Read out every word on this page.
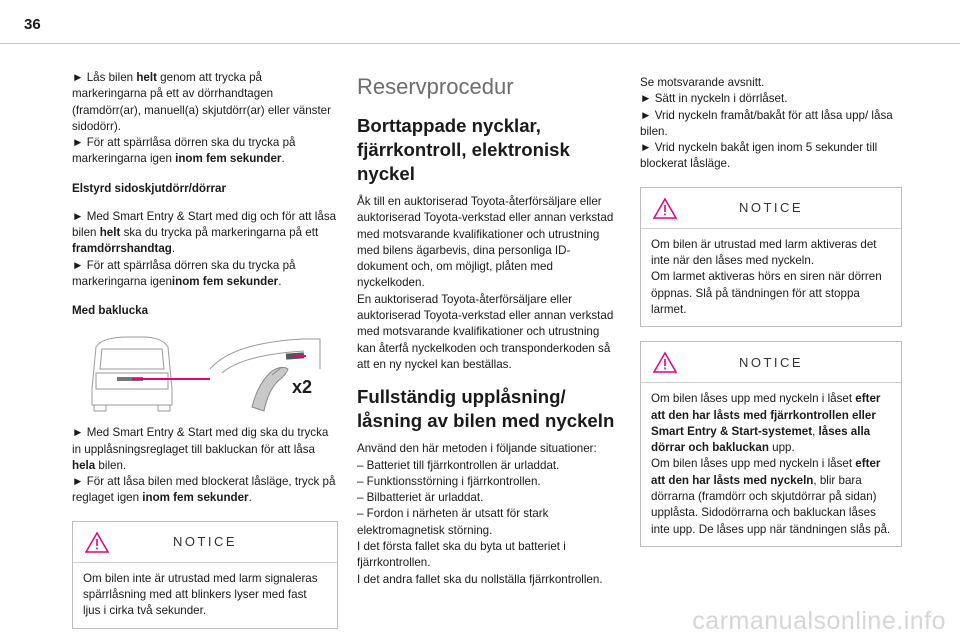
36

► Lås bilen helt genom att trycka på markeringarna på ett av dörrhandtagen (framdörr(ar), manuell(a) skjutdörr(ar) eller vänster sidodörr).

► För att spärrlåsa dörren ska du trycka på markeringarna igen inom fem sekunder.

Elstyrd sidoskjutdörr/dörrar

► Med Smart Entry & Start med dig och för att låsa bilen helt ska du trycka på markeringarna på ett framdörrshandtag.

► För att spärrlåsa dörren ska du trycka på markeringarna igeninom fem sekunder.

Med baklucka
x2

► Med Smart Entry & Start med dig ska du trycka in upplåsningsreglaget till bakluckan för att låsa hela bilen.

► För att låsa bilen med blockerat låsläge, tryck på reglaget igen inom fem sekunder.

NOTICE

Om bilen inte är utrustad med larm signaleras spärrlåsning med att blinkers lyser med fast ljus i cirka två sekunder.

Reservprocedur
Borttappade nycklar, fjärrkontroll, elektronisk nyckel

Åk till en auktoriserad Toyota-återförsäljare eller auktoriserad Toyota-verkstad eller annan verkstad med motsvarande kvalifikationer och utrustning med bilens ägarbevis, dina personliga ID-dokument och, om möjligt, plåten med nyckelkoden.

En auktoriserad Toyota-återförsäljare eller auktoriserad Toyota-verkstad eller annan verkstad med motsvarande kvalifikationer och utrustning kan återfå nyckelkoden och transponderkoden så att en ny nyckel kan beställas.

Fullständig upplåsning/ låsning av bilen med nyckeln

Använd den här metoden i följande situationer:

– Batteriet till fjärrkontrollen är urladdat.

– Funktionsstörning i fjärrkontrollen.

– Bilbatteriet är urladdat.

– Fordon i närheten är utsatt för stark elektromagnetisk störning.

I det första fallet ska du byta ut batteriet i fjärrkontrollen.

I det andra fallet ska du nollställa fjärrkontrollen.

Se motsvarande avsnitt.

► Sätt in nyckeln i dörrlåset.

► Vrid nyckeln framåt/bakåt för att låsa upp/ låsa bilen.

► Vrid nyckeln bakåt igen inom 5 sekunder till blockerat låsläge.

NOTICE

Om bilen är utrustad med larm aktiveras det inte när den låses med nyckeln.

Om larmet aktiveras hörs en siren när dörren öppnas. Slå på tändningen för att stoppa larmet.

NOTICE

Om bilen låses upp med nyckeln i låset efter att den har låsts med fjärrkontrollen eller Smart Entry & Start-systemet, låses alla dörrar och bakluckan upp.

Om bilen låses upp med nyckeln i låset efter att den har låsts med nyckeln, blir bara dörrarna (framdörr och skjutdörrar på sidan) upplåsta. Sidodörrarna och bakluckan låses inte upp. De låses upp när tändningen slås på.

carmanualsonline.info
